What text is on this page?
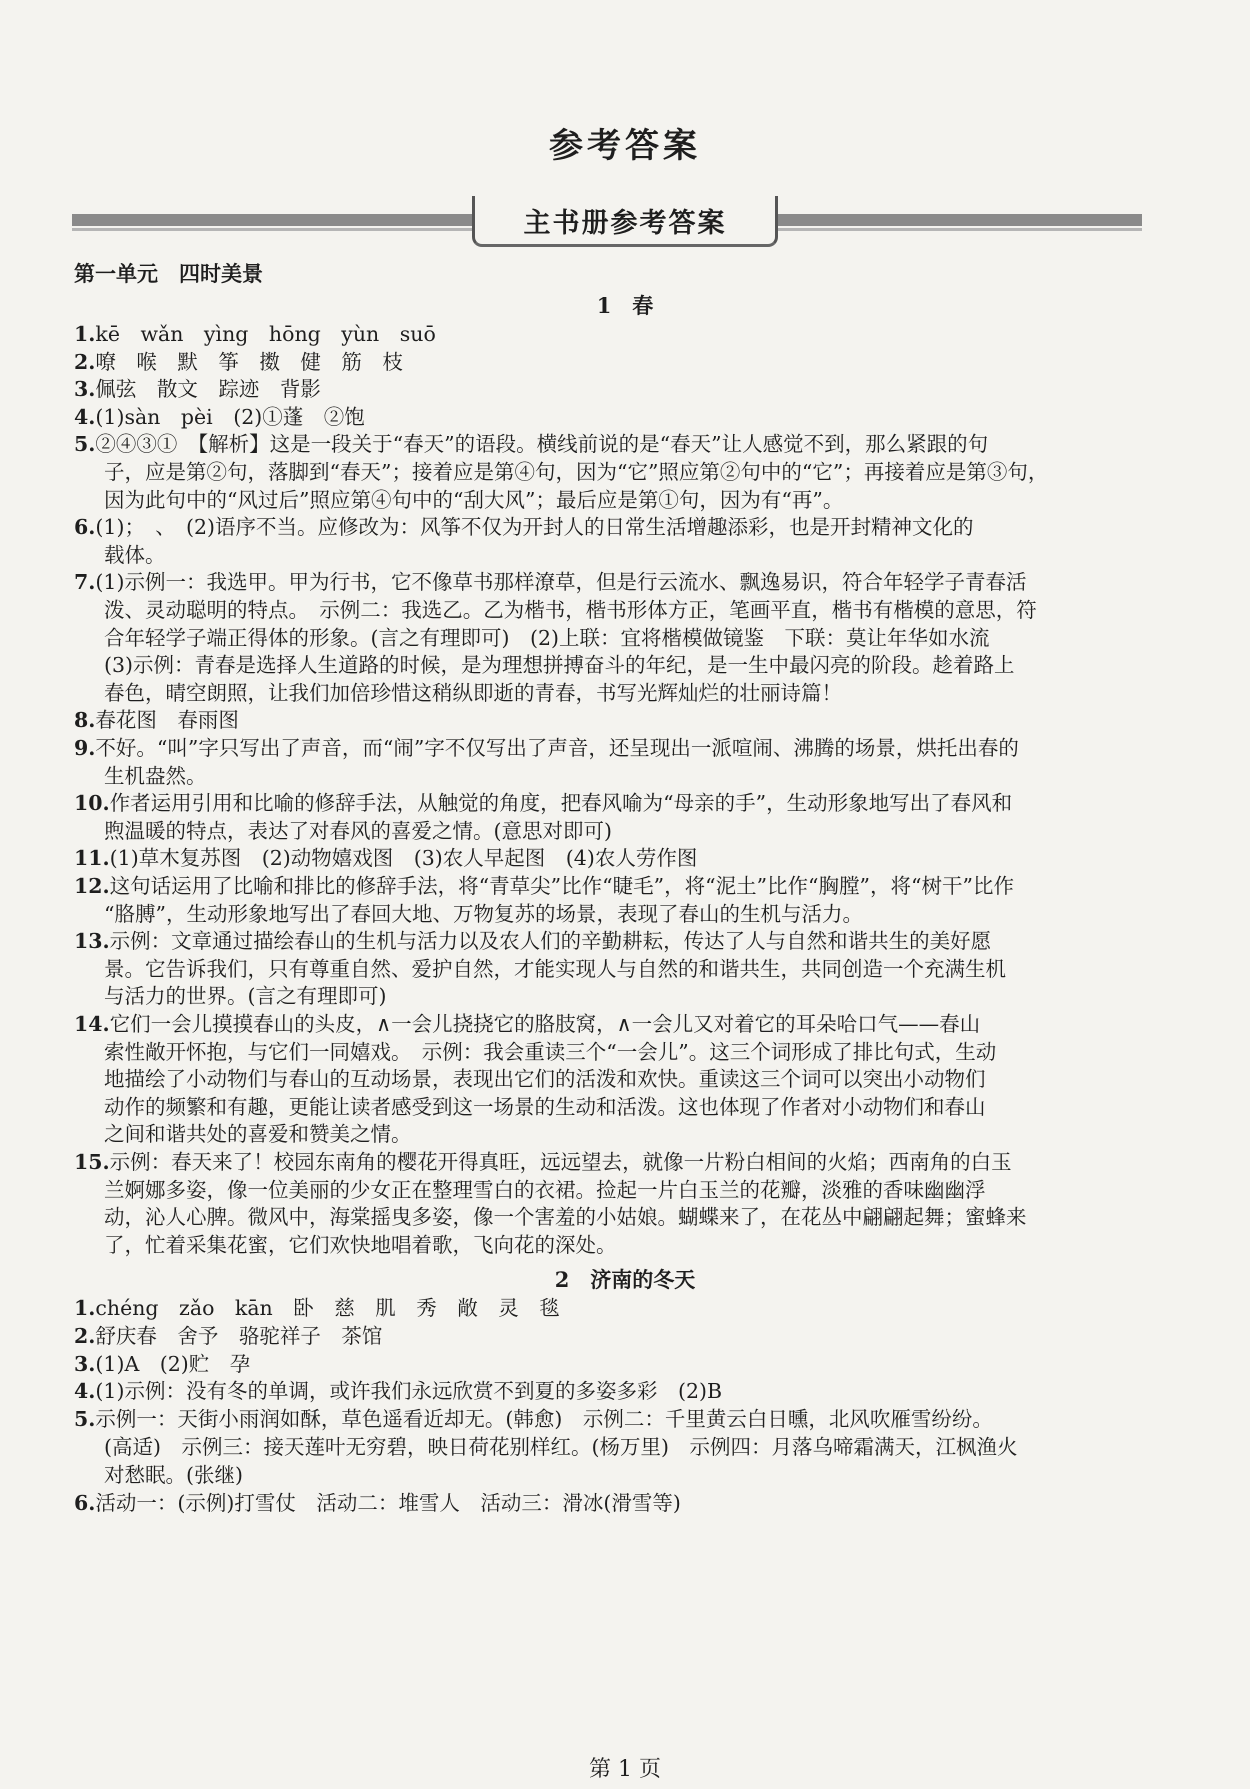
参考答案
主书册参考答案
第一单元　四时美景
1　春
1.kē　wǎn　yìng　hōng　yùn　suō
2.嘹　喉　默　筝　擞　健　筋　枝
3.佩弦　散文　踪迹　背影
4.(1)sàn　pèi　(2)①蓬　②饱
5.②④③①　【解析】这是一段关于“春天”的语段。横线前说的是“春天”让人感觉不到，那么紧跟的句
子，应是第②句，落脚到“春天”；接着应是第④句，因为“它”照应第②句中的“它”；再接着应是第③句，
因为此句中的“风过后”照应第④句中的“刮大风”；最后应是第①句，因为有“再”。
6.(1)；　、　(2)语序不当。应修改为：风筝不仅为开封人的日常生活增趣添彩，也是开封精神文化的
载体。
7.(1)示例一：我选甲。甲为行书，它不像草书那样潦草，但是行云流水、飘逸易识，符合年轻学子青春活
泼、灵动聪明的特点。　示例二：我选乙。乙为楷书，楷书形体方正，笔画平直，楷书有楷模的意思，符
合年轻学子端正得体的形象。(言之有理即可)　(2)上联：宜将楷模做镜鉴　下联：莫让年华如水流
(3)示例：青春是选择人生道路的时候，是为理想拼搏奋斗的年纪，是一生中最闪亮的阶段。趁着路上
春色，晴空朗照，让我们加倍珍惜这稍纵即逝的青春，书写光辉灿烂的壮丽诗篇！
8.春花图　春雨图
9.不好。“叫”字只写出了声音，而“闹”字不仅写出了声音，还呈现出一派喧闹、沸腾的场景，烘托出春的
生机盎然。
10.作者运用引用和比喻的修辞手法，从触觉的角度，把春风喻为“母亲的手”，生动形象地写出了春风和
煦温暖的特点，表达了对春风的喜爱之情。(意思对即可)
11.(1)草木复苏图　(2)动物嬉戏图　(3)农人早起图　(4)农人劳作图
12.这句话运用了比喻和排比的修辞手法，将“青草尖”比作“睫毛”，将“泥土”比作“胸膛”，将“树干”比作
“胳膊”，生动形象地写出了春回大地、万物复苏的场景，表现了春山的生机与活力。
13.示例：文章通过描绘春山的生机与活力以及农人们的辛勤耕耘，传达了人与自然和谐共生的美好愿
景。它告诉我们，只有尊重自然、爱护自然，才能实现人与自然的和谐共生，共同创造一个充满生机
与活力的世界。(言之有理即可)
14.它们一会儿摸摸春山的头皮，∧一会儿挠挠它的胳肢窝，∧一会儿又对着它的耳朵哈口气——春山
索性敞开怀抱，与它们一同嬉戏。　示例：我会重读三个“一会儿”。这三个词形成了排比句式，生动
地描绘了小动物们与春山的互动场景，表现出它们的活泼和欢快。重读这三个词可以突出小动物们
动作的频繁和有趣，更能让读者感受到这一场景的生动和活泼。这也体现了作者对小动物们和春山
之间和谐共处的喜爱和赞美之情。
15.示例：春天来了！校园东南角的樱花开得真旺，远远望去，就像一片粉白相间的火焰；西南角的白玉
兰婀娜多姿，像一位美丽的少女正在整理雪白的衣裙。捡起一片白玉兰的花瓣，淡雅的香味幽幽浮
动，沁人心脾。微风中，海棠摇曳多姿，像一个害羞的小姑娘。蝴蝶来了，在花丛中翩翩起舞；蜜蜂来
了，忙着采集花蜜，它们欢快地唱着歌，飞向花的深处。
2　济南的冬天
1.chéng　zǎo　kān　卧　慈　肌　秀　敞　灵　毯
2.舒庆春　舍予　骆驼祥子　茶馆
3.(1)A　(2)贮　孕
4.(1)示例：没有冬的单调，或许我们永远欣赏不到夏的多姿多彩　(2)B
5.示例一：天街小雨润如酥，草色遥看近却无。(韩愈)　示例二：千里黄云白日曛，北风吹雁雪纷纷。
(高适)　示例三：接天莲叶无穷碧，映日荷花别样红。(杨万里)　示例四：月落乌啼霜满天，江枫渔火
对愁眠。(张继)
6.活动一：(示例)打雪仗　活动二：堆雪人　活动三：滑冰(滑雪等)
第 1 页
